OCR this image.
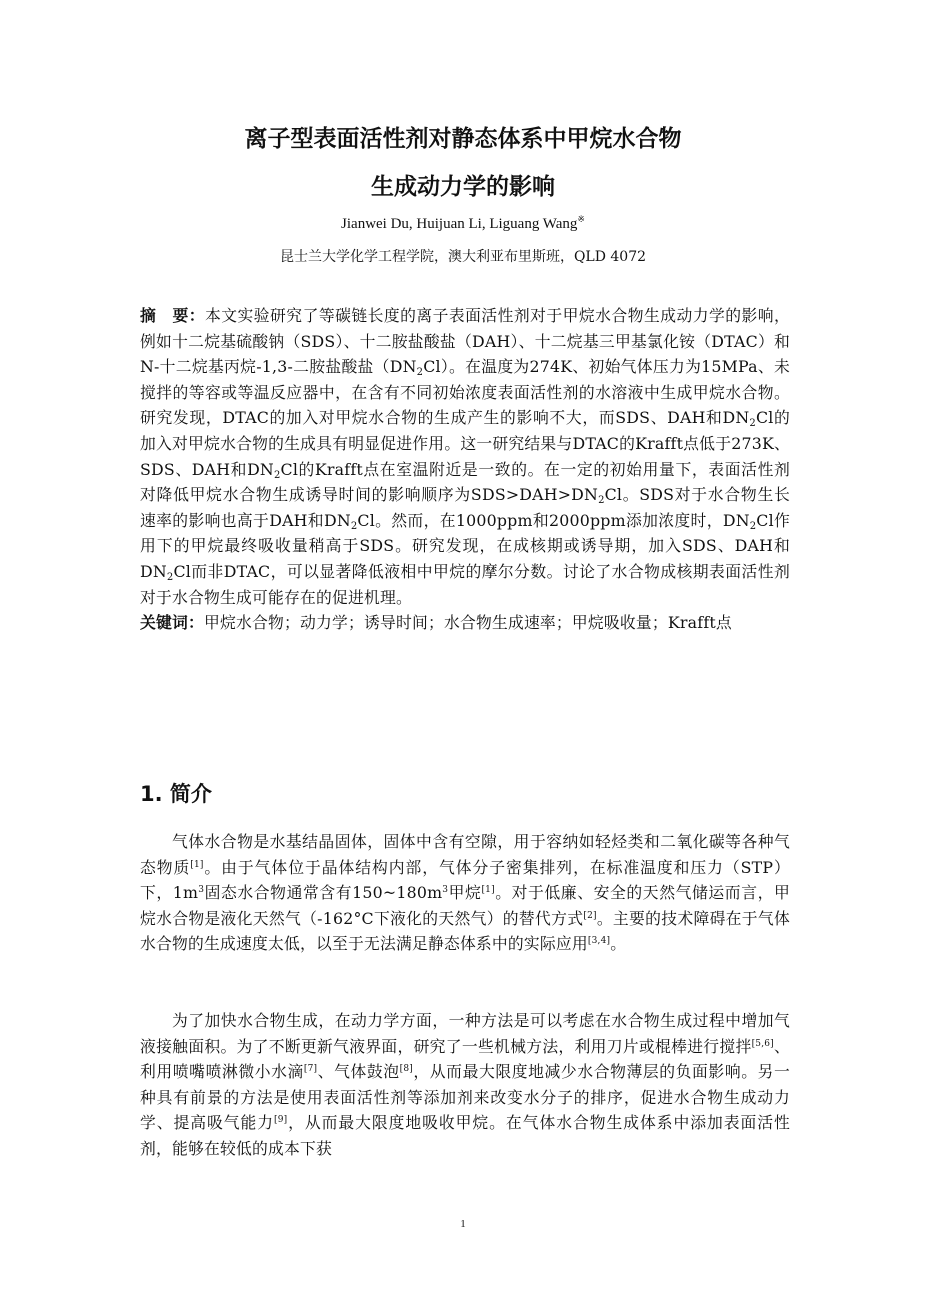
离子型表面活性剂对静态体系中甲烷水合物
生成动力学的影响
Jianwei Du, Huijuan Li, Liguang Wang※
昆士兰大学化学工程学院，澳大利亚布里斯班，QLD 4072

摘　要：本文实验研究了等碳链长度的离子表面活性剂对于甲烷水合物生成动力学的影响，例如十二烷基硫酸钠（SDS）、十二胺盐酸盐（DAH）、十二烷基三甲基氯化铵（DTAC）和N-十二烷基丙烷-1,3-二胺盐酸盐$(DN_2Cl)$。在温度为274K、初始气体压力为15MPa、未搅拌的等容或等温反应器中，在含有不同初始浓度表面活性剂的水溶液中生成甲烷水合物。研究发现，DTAC的加入对甲烷水合物的生成产生的影响不大，而SDS、DAH和$DN_2Cl$的加入对甲烷水合物的生成具有明显促进作用。这一研究结果与DTAC的Krafft点低于273K、SDS、DAH和$DN_2Cl$的Krafft点在室温附近是一致的。在一定的初始用量下，表面活性剂对降低甲烷水合物生成诱导时间的影响顺序为$SDS>DAH>DN_2Cl$。SDS对于水合物生长速率的影响也高于DAH和$DN_2Cl$。然而，在1000ppm和2000ppm添加浓度时，$DN_2Cl$作用下的甲烷最终吸收量稍高于SDS。研究发现，在成核期或诱导期，加入SDS、DAH和$DN_2Cl$而非DTAC，可以显著降低液相中甲烷的摩尔分数。讨论了水合物成核期表面活性剂对于水合物生成可能存在的促进机理。
关键词：甲烷水合物；动力学；诱导时间；水合物生成速率；甲烷吸收量；Krafft点

1. 简介

气体水合物是水基结晶固体，固体中含有空隙，用于容纳如轻烃类和二氧化碳等各种气态物质[1]。由于气体位于晶体结构内部，气体分子密集排列，在标准温度和压力（STP）下，$1m^3$固态水合物通常含有$150\sim 180m^3$甲烷[1]。对于低廉、安全的天然气储运而言，甲烷水合物是液化天然气（-162°C下液化的天然气）的替代方式[2]。主要的技术障碍在于气体水合物的生成速度太低，以至于无法满足静态体系中的实际应用[3,4]。

为了加快水合物生成，在动力学方面，一种方法是可以考虑在水合物生成过程中增加气液接触面积。为了不断更新气液界面，研究了一些机械方法，利用刀片或棍棒进行搅拌[5,6]、利用喷嘴喷淋微小水滴[7]、气体鼓泡[8]，从而最大限度地减少水合物薄层的负面影响。另一种具有前景的方法是使用表面活性剂等添加剂来改变水分子的排序，促进水合物生成动力学、提高吸气能力[9]，从而最大限度地吸收甲烷。在气体水合物生成体系中添加表面活性剂，能够在较低的成本下获

1
